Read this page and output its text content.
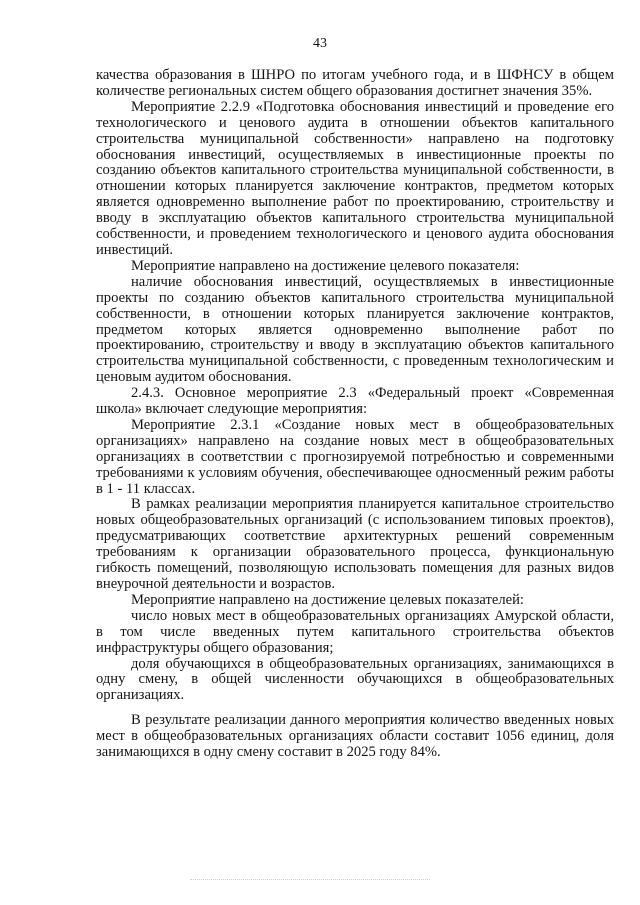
43

качества образования в ШНРО по итогам учебного года, и в ШФНСУ в общем количестве региональных систем общего образования достигнет значения 35%.

Мероприятие 2.2.9 «Подготовка обоснования инвестиций и проведение его технологического и ценового аудита в отношении объектов капитального строительства муниципальной собственности» направлено на подготовку обоснования инвестиций, осуществляемых в инвестиционные проекты по созданию объектов капитального строительства муниципальной собственности, в отношении которых планируется заключение контрактов, предметом которых является одновременно выполнение работ по проектированию, строительству и вводу в эксплуатацию объектов капитального строительства муниципальной собственности, и проведением технологического и ценового аудита обоснования инвестиций.

Мероприятие направлено на достижение целевого показателя:

наличие обоснования инвестиций, осуществляемых в инвестиционные проекты по созданию объектов капитального строительства муниципальной собственности, в отношении которых планируется заключение контрактов, предметом которых является одновременно выполнение работ по проектированию, строительству и вводу в эксплуатацию объектов капитального строительства муниципальной собственности, с проведенным технологическим и ценовым аудитом обоснования.

2.4.3. Основное мероприятие 2.3 «Федеральный проект «Современная школа» включает следующие мероприятия:

Мероприятие 2.3.1 «Создание новых мест в общеобразовательных организациях» направлено на создание новых мест в общеобразовательных организациях в соответствии с прогнозируемой потребностью и современными требованиями к условиям обучения, обеспечивающее односменный режим работы в 1 - 11 классах.

В рамках реализации мероприятия планируется капитальное строительство новых общеобразовательных организаций (с использованием типовых проектов), предусматривающих соответствие архитектурных решений современным требованиям к организации образовательного процесса, функциональную гибкость помещений, позволяющую использовать помещения для разных видов внеурочной деятельности и возрастов.

Мероприятие направлено на достижение целевых показателей:

число новых мест в общеобразовательных организациях Амурской области, в том числе введенных путем капитального строительства объектов инфраструктуры общего образования;

доля обучающихся в общеобразовательных организациях, занимающихся в одну смену, в общей численности обучающихся в общеобразовательных организациях.

В результате реализации данного мероприятия количество введенных новых мест в общеобразовательных организациях области составит 1056 единиц, доля занимающихся в одну смену составит в 2025 году 84%.
